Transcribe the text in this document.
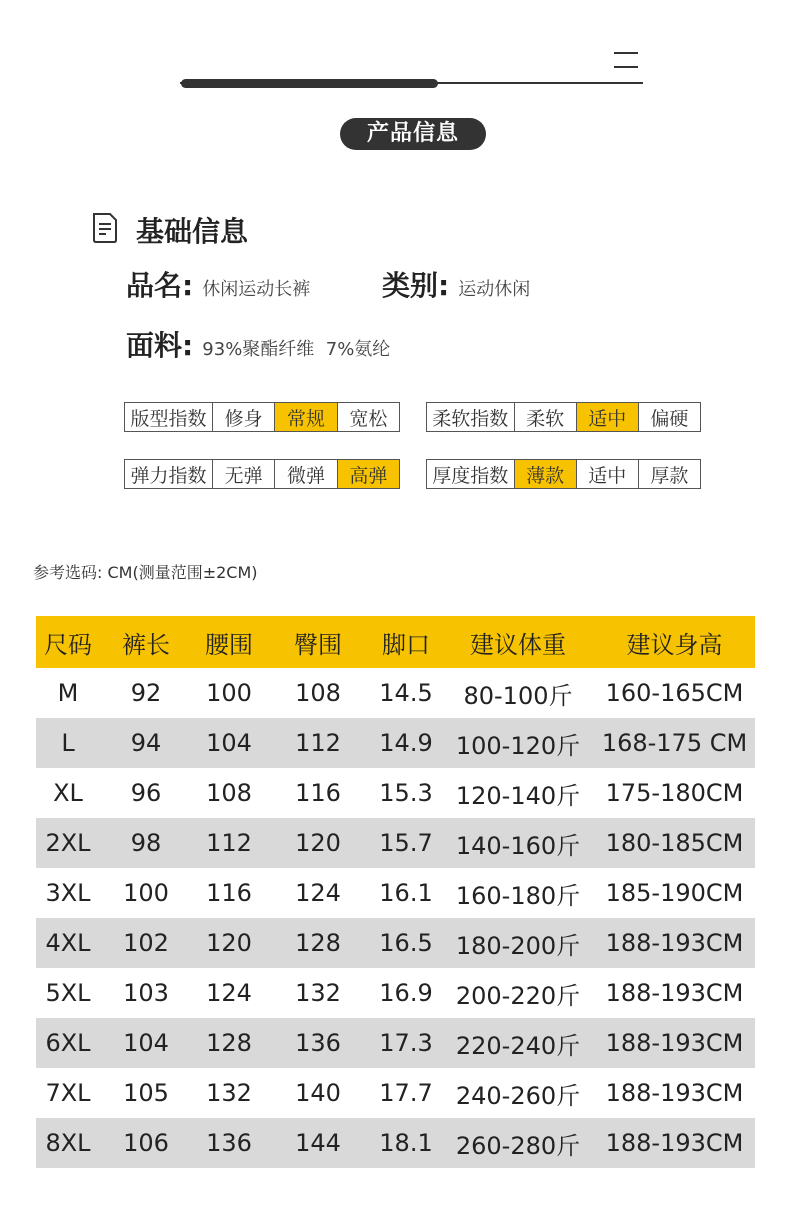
产品信息
基础信息
品名: 休闲运动长裤	类别: 运动休闲
面料: 93%聚酯纤维  7%氨纶
版型指数	修身	常规	宽松 柔软指数	柔软	适中	偏硬
弹力指数	无弹	微弹	高弹 厚度指数	薄款	适中	厚款
参考选码: CM(测量范围±2CM)
尺码	裤长	腰围	臀围	脚口	建议体重	建议身高
M	92	100	108	14.5	80-100斤	160-165CM
L	94	104	112	14.9	100-120斤	168-175 CM
XL	96	108	116	15.3	120-140斤	175-180CM
2XL	98	112	120	15.7	140-160斤	180-185CM
3XL	100	116	124	16.1	160-180斤	185-190CM
4XL	102	120	128	16.5	180-200斤	188-193CM
5XL	103	124	132	16.9	200-220斤	188-193CM
6XL	104	128	136	17.3	220-240斤	188-193CM
7XL	105	132	140	17.7	240-260斤	188-193CM
8XL	106	136	144	18.1	260-280斤	188-193CM
